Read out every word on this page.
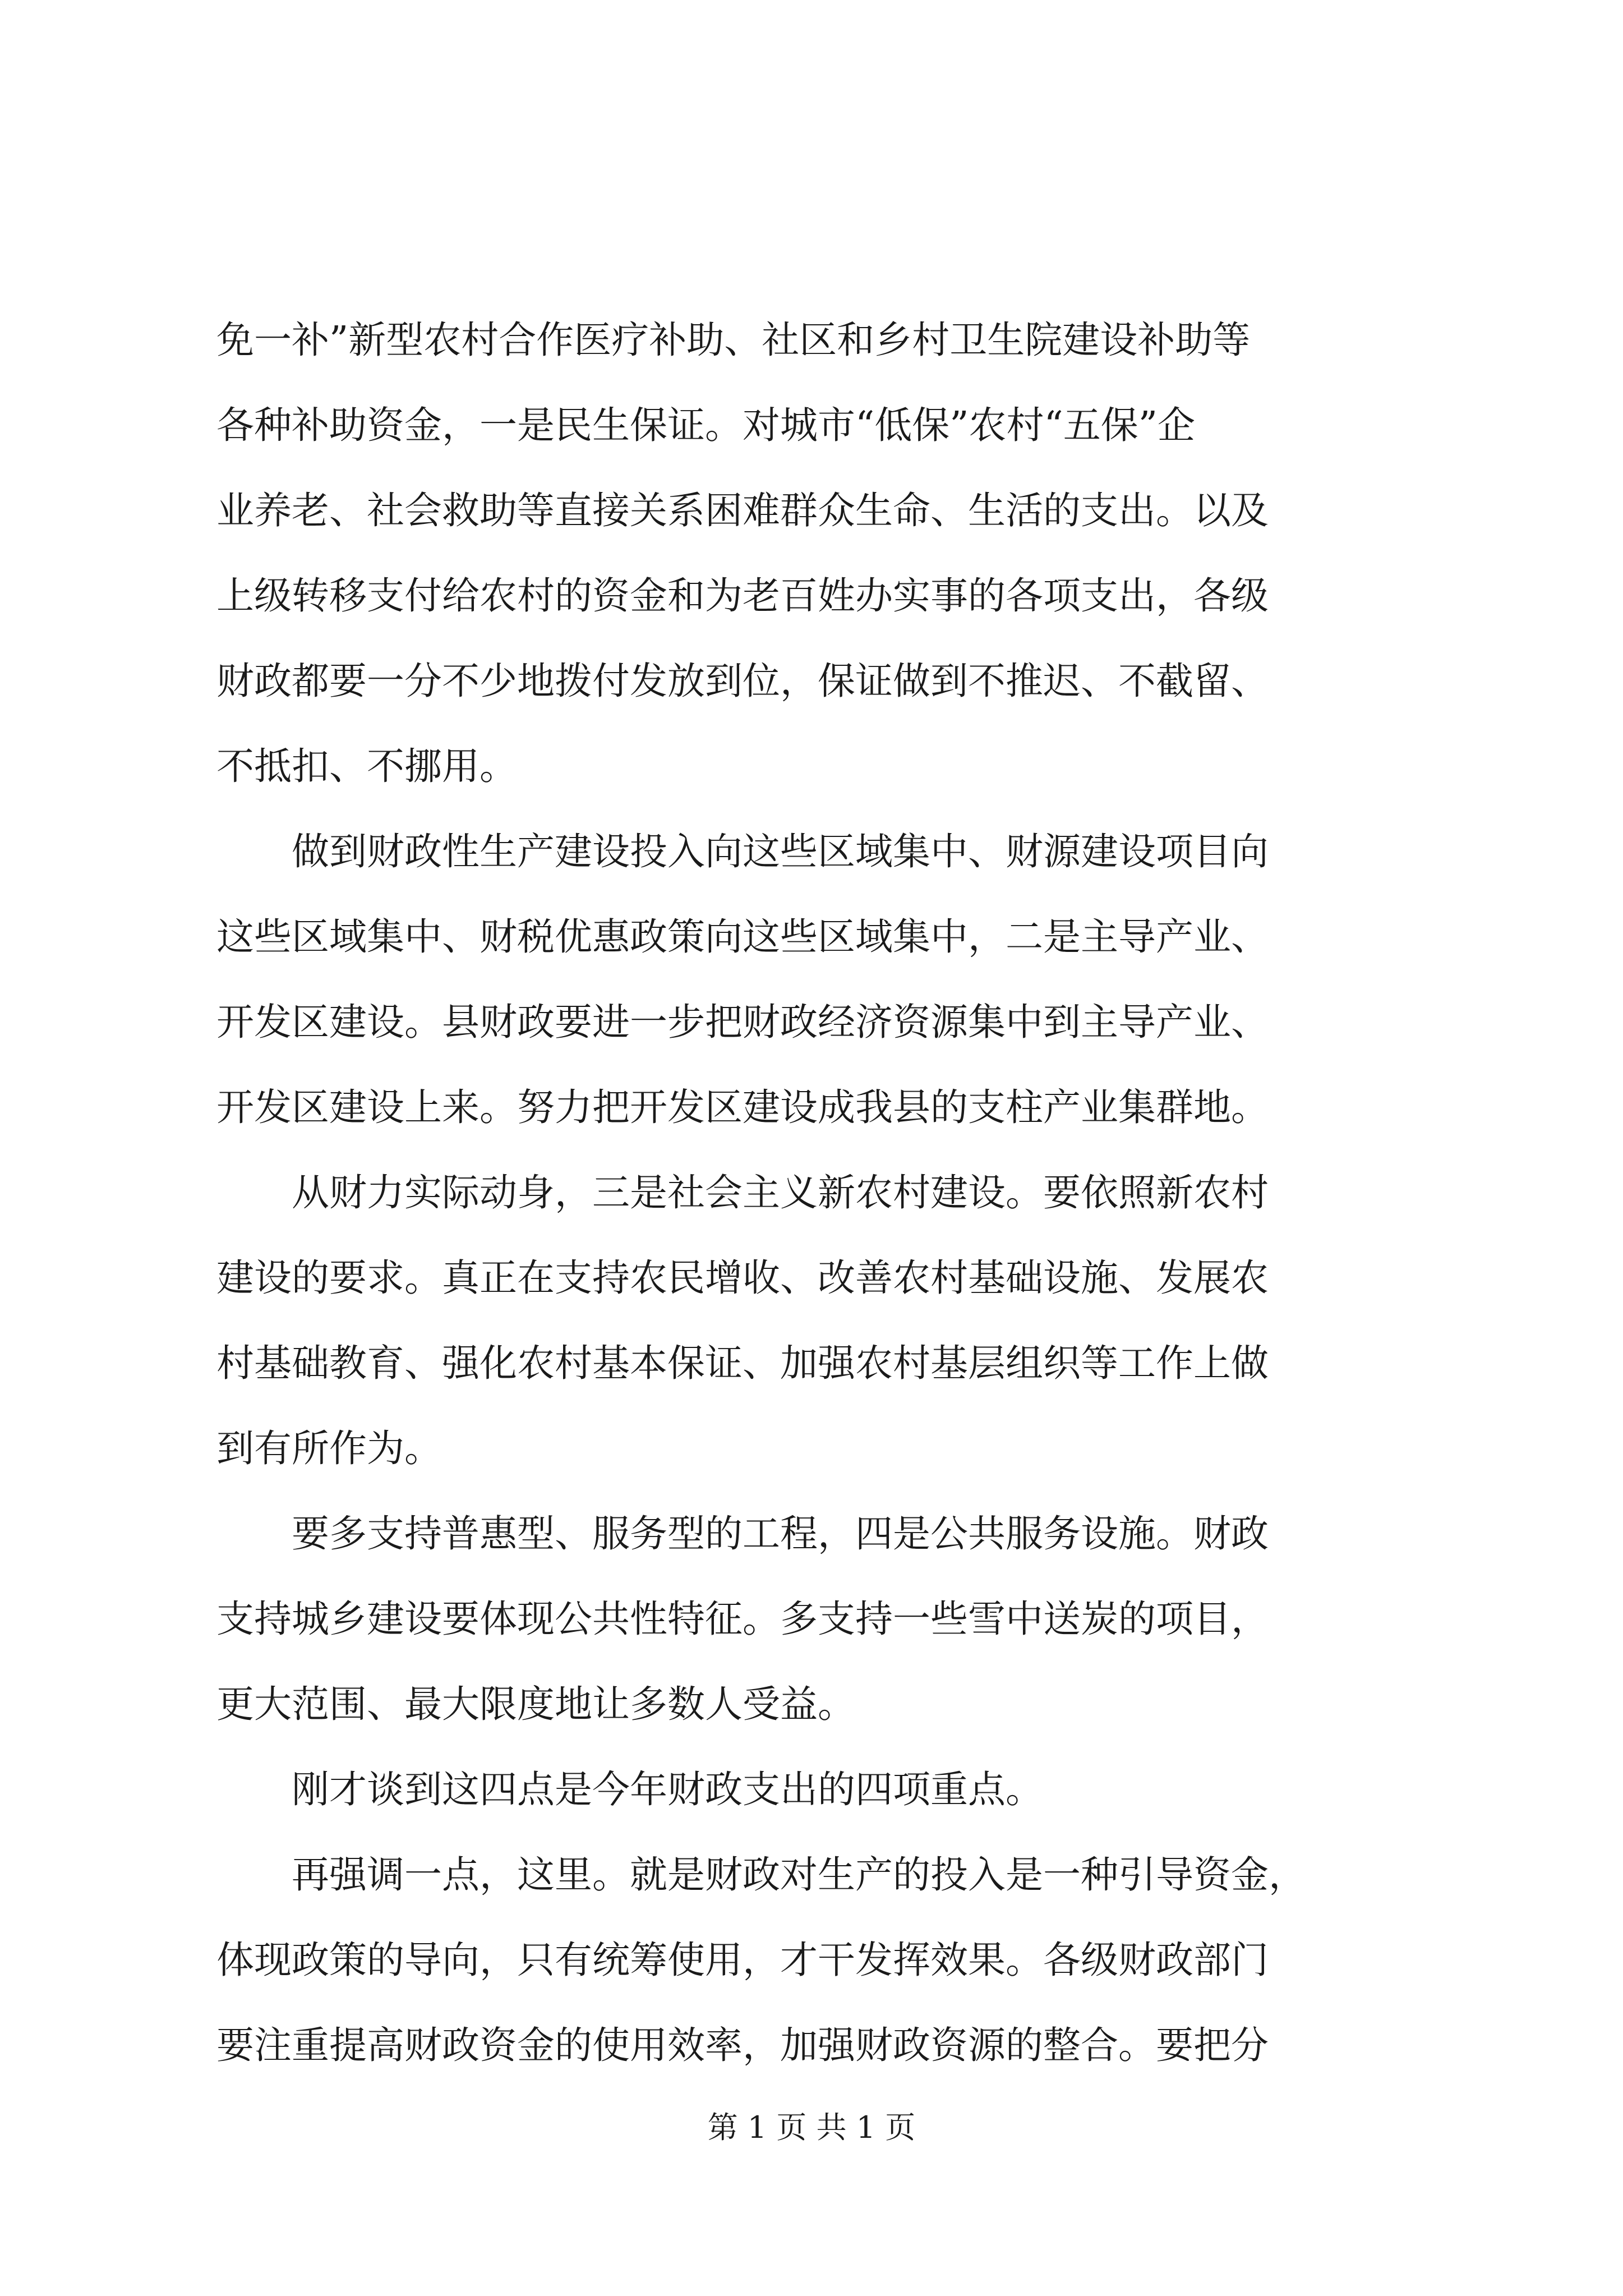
免一补”新型农村合作医疗补助、社区和乡村卫生院建设补助等
各种补助资金，一是民生保证。对城市“低保”农村“五保”企
业养老、社会救助等直接关系困难群众生命、生活的支出。以及
上级转移支付给农村的资金和为老百姓办实事的各项支出，各级
财政都要一分不少地拨付发放到位，保证做到不推迟、不截留、
不抵扣、不挪用。
　　做到财政性生产建设投入向这些区域集中、财源建设项目向
这些区域集中、财税优惠政策向这些区域集中，二是主导产业、
开发区建设。县财政要进一步把财政经济资源集中到主导产业、
开发区建设上来。努力把开发区建设成我县的支柱产业集群地。
　　从财力实际动身，三是社会主义新农村建设。要依照新农村
建设的要求。真正在支持农民增收、改善农村基础设施、发展农
村基础教育、强化农村基本保证、加强农村基层组织等工作上做
到有所作为。
　　要多支持普惠型、服务型的工程，四是公共服务设施。财政
支持城乡建设要体现公共性特征。多支持一些雪中送炭的项目，
更大范围、最大限度地让多数人受益。
　　刚才谈到这四点是今年财政支出的四项重点。
　　再强调一点，这里。就是财政对生产的投入是一种引导资金，
体现政策的导向，只有统筹使用，才干发挥效果。各级财政部门
要注重提高财政资金的使用效率，加强财政资源的整合。要把分
第 1 页 共 1 页
